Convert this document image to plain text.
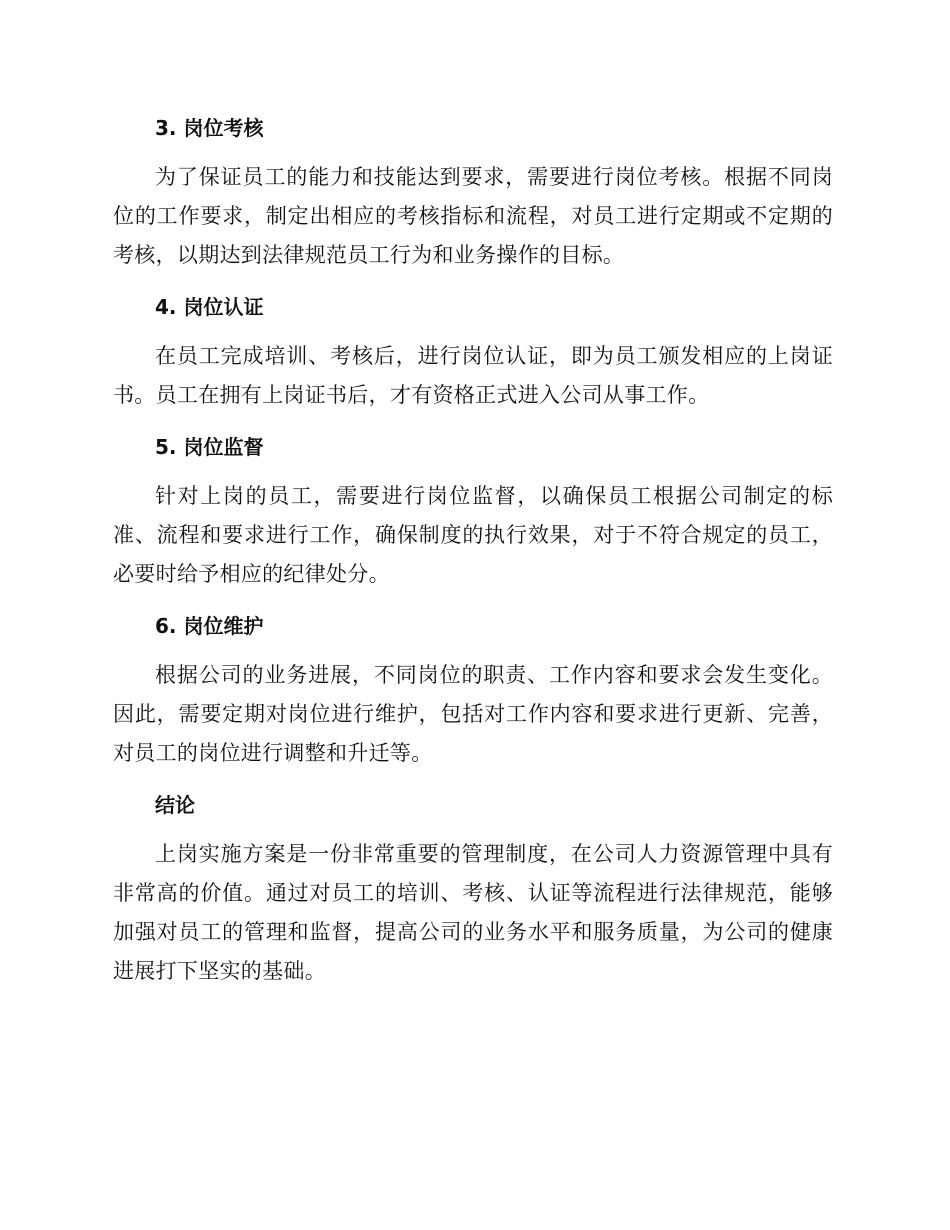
3. 岗位考核

为了保证员工的能力和技能达到要求，需要进行岗位考核。根据不同岗位的工作要求，制定出相应的考核指标和流程，对员工进行定期或不定期的考核，以期达到法律规范员工行为和业务操作的目标。

4. 岗位认证

在员工完成培训、考核后，进行岗位认证，即为员工颁发相应的上岗证书。员工在拥有上岗证书后，才有资格正式进入公司从事工作。

5. 岗位监督

针对上岗的员工，需要进行岗位监督，以确保员工根据公司制定的标准、流程和要求进行工作，确保制度的执行效果，对于不符合规定的员工，必要时给予相应的纪律处分。

6. 岗位维护

根据公司的业务进展，不同岗位的职责、工作内容和要求会发生变化。因此，需要定期对岗位进行维护，包括对工作内容和要求进行更新、完善，对员工的岗位进行调整和升迁等。

结论

上岗实施方案是一份非常重要的管理制度，在公司人力资源管理中具有非常高的价值。通过对员工的培训、考核、认证等流程进行法律规范，能够加强对员工的管理和监督，提高公司的业务水平和服务质量，为公司的健康进展打下坚实的基础。
